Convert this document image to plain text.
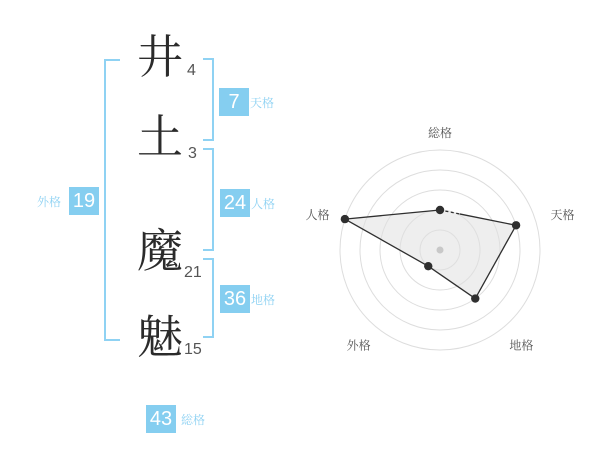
井
土
魔
魅
4
3
21
15
外格 19
7 天格
24 人格
36 地格
43 総格
総格
天格
地格
外格
人格
